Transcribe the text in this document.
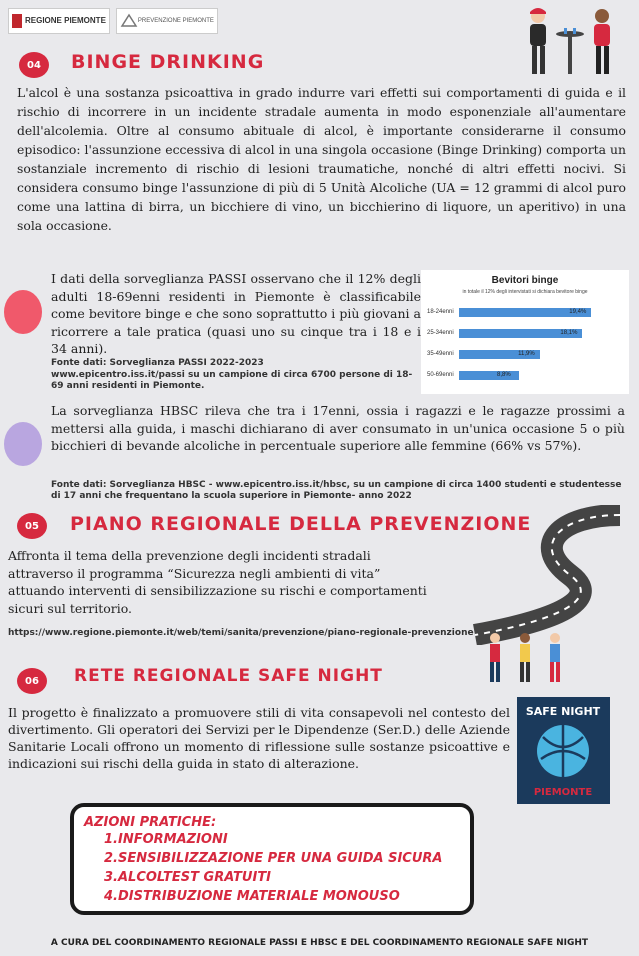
REGIONE PIEMONTE	PREVENZIONE PIEMONTE
04	BINGE DRINKING
L'alcol è una sostanza psicoattiva in grado indurre vari effetti sui comportamenti di guida e il rischio di incorrere in un incidente stradale aumenta in modo esponenziale all'aumentare dell'alcolemia. Oltre al consumo abituale di alcol, è importante considerarne il consumo episodico: l'assunzione eccessiva di alcol in una singola occasione (Binge Drinking) comporta un sostanziale incremento di rischio di lesioni traumatiche, nonché di altri effetti nocivi. Si considera consumo binge l'assunzione di più di 5 Unità Alcoliche (UA = 12 grammi di alcol puro come una lattina di birra, un bicchiere di vino, un bicchierino di liquore, un aperitivo) in una sola occasione.
I dati della sorveglianza PASSI osservano che il 12% degli adulti 18-69enni residenti in Piemonte è classificabile come bevitore binge e che sono soprattutto i più giovani a ricorrere a tale pratica (quasi uno su cinque tra i 18 e i 34 anni).
Fonte dati: Sorveglianza PASSI 2022-2023
www.epicentro.iss.it/passi su un campione di circa 6700 persone di 18-69 anni residenti in Piemonte.
Bevitori binge
in totale il 12% degli intervistati si dichiara bevitore binge
18-24enni	19,4%
25-34enni	18,1%
35-49enni	11,9%
50-69enni	8,8%
La sorveglianza HBSC rileva che tra i 17enni, ossia i ragazzi e le ragazze prossimi a mettersi alla guida, i maschi dichiarano di aver consumato in un'unica occasione 5 o più bicchieri di bevande alcoliche in percentuale superiore alle femmine (66% vs 57%).
Fonte dati: Sorveglianza HBSC - www.epicentro.iss.it/hbsc, su un campione di circa 1400 studenti e studentesse di 17 anni che frequentano la scuola superiore in Piemonte- anno 2022
05	PIANO REGIONALE DELLA PREVENZIONE
Affronta il tema della prevenzione degli incidenti stradali attraverso il programma “Sicurezza negli ambienti di vita” attuando interventi di sensibilizzazione su rischi e comportamenti sicuri sul territorio.
https://www.regione.piemonte.it/web/temi/sanita/prevenzione/piano-regionale-prevenzione
06	RETE REGIONALE SAFE NIGHT
Il progetto è finalizzato a promuovere stili di vita consapevoli nel contesto del divertimento. Gli operatori dei Servizi per le Dipendenze (Ser.D.) delle Aziende Sanitarie Locali offrono un momento di riflessione sulle sostanze psicoattive e indicazioni sui rischi della guida in stato di alterazione.
SAFE NIGHT
PIEMONTE
AZIONI PRATICHE:
1.INFORMAZIONI
2.SENSIBILIZZAZIONE PER UNA GUIDA SICURA
3.ALCOLTEST GRATUITI
4.DISTRIBUZIONE MATERIALE MONOUSO
A CURA DEL COORDINAMENTO REGIONALE PASSI E HBSC E DEL COORDINAMENTO REGIONALE SAFE NIGHT
